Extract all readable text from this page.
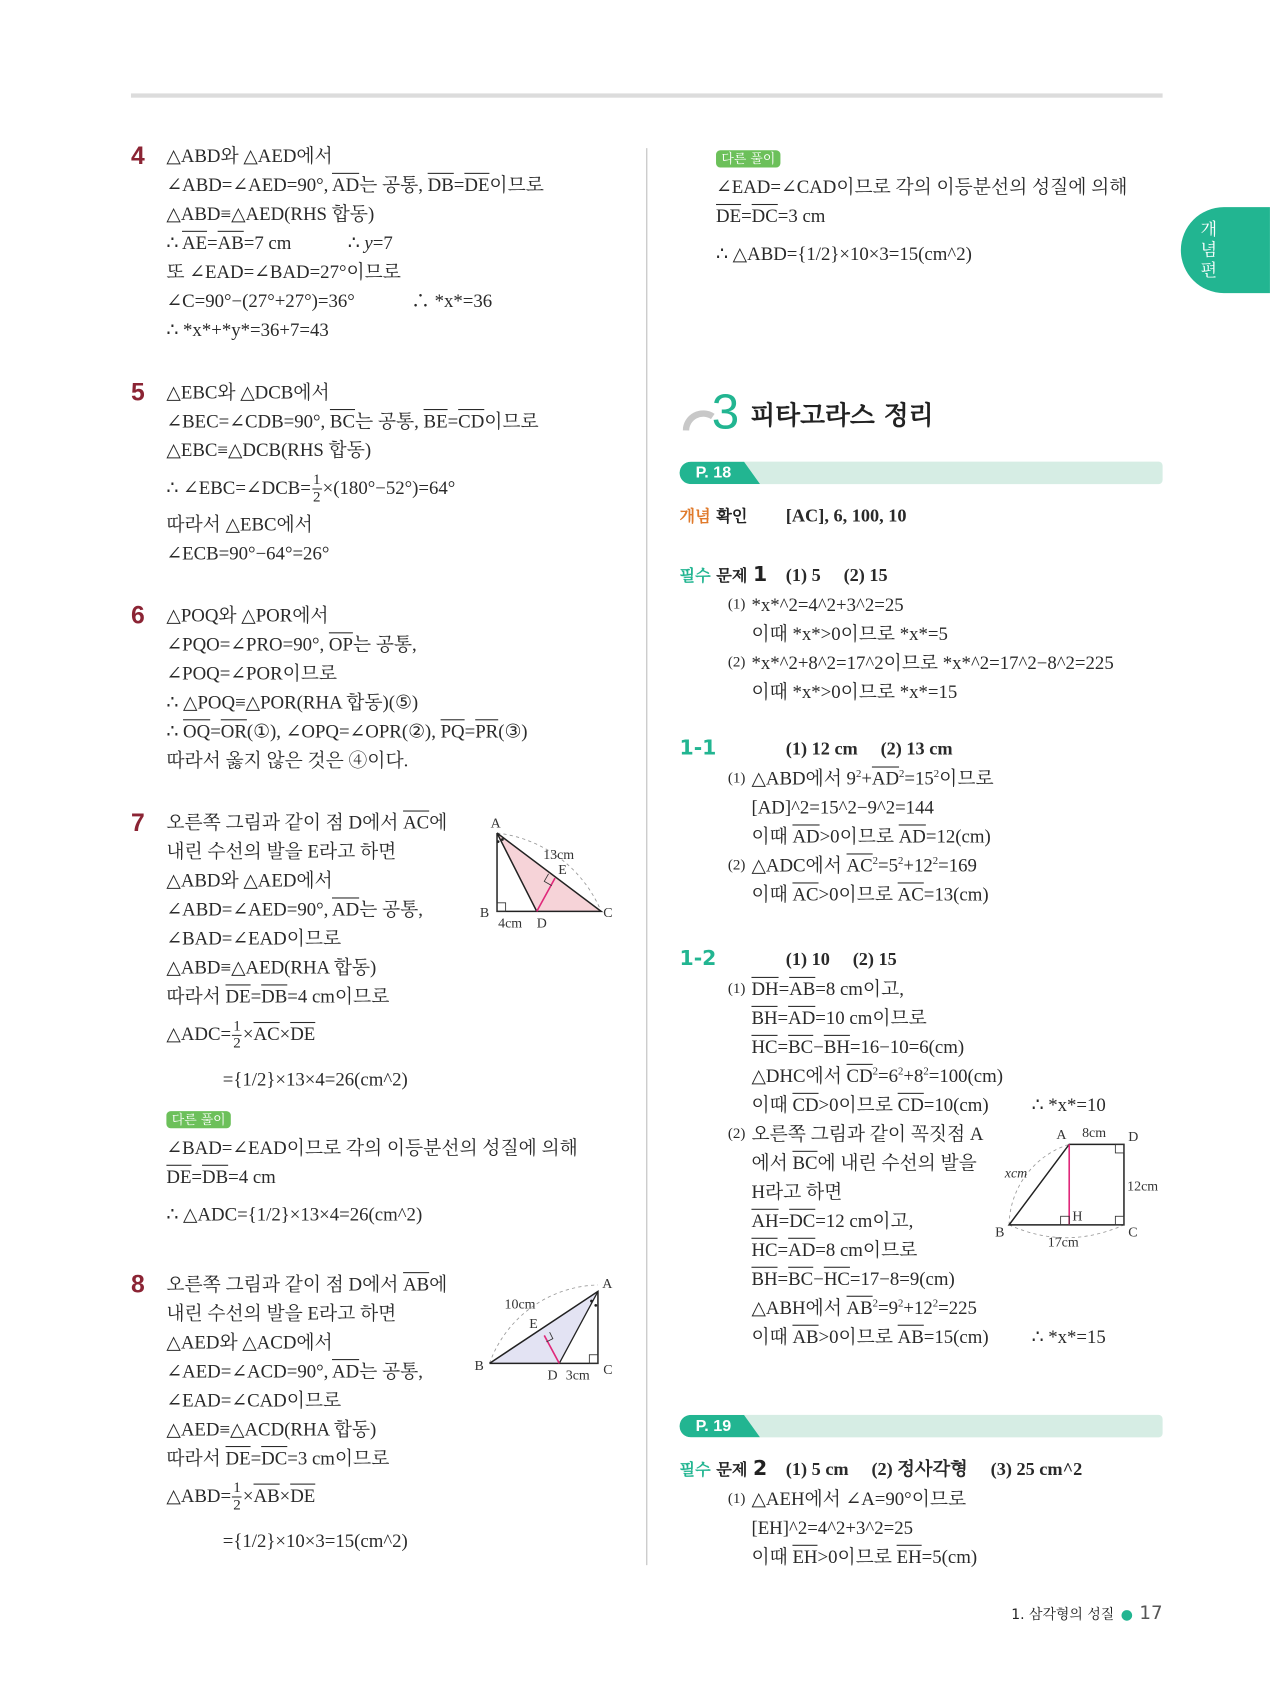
개념편
4 △ABD와 △AED에서
∠ABD=∠AED=90°, $\overline{AD}$는 공통, $\overline{DB}=\overline{DE}$이므로
△ABD≡△AED(RHS 합동)
∴ $\overline{AE}=\overline{AB}=7$ cm　　　∴ y=7
또 ∠EAD=∠BAD=27°이므로
∠C=90°−(27°+27°)=36°　　　∴ *x*=36
∴ *x*+*y*=36+7=43
5 △EBC와 △DCB에서
∠BEC=∠CDB=90°, $\overline{BC}$는 공통, $\overline{BE}=\overline{CD}$이므로
△EBC≡△DCB(RHS 합동)
∴ ∠EBC=∠DCB= $\frac{1}{2} \times(180^\circ-52^\circ)=64^\circ$
따라서 △EBC에서
∠ECB=90°−64°=26°
6 △POQ와 △POR에서
∠PQO=∠PRO=90°, $\overline{OP}$는 공통,
∠POQ=∠POR이므로
∴ △POQ≡△POR(RHA 합동)(⑤)
∴ $\overline{OQ}=\overline{OR}(①)$, ∠OPQ=∠OPR(②), $\overline{PQ}=\overline{PR}(③)$
따라서 옳지 않은 것은 ④이다.
7	A
13cm
E
B
4cm D
C
오른쪽 그림과 같이 점 D에서 $\overline{AC}$에
내린 수선의 발을 E라고 하면
△ABD와 △AED에서
∠ABD=∠AED=90°, $\overline{AD}$는 공통,
∠BAD=∠EAD이므로
△ABD≡△AED(RHA 합동)
따라서 $\overline{DE}=\overline{DB}=4$ cm이므로
△ADC= $\frac{1}{2} \times\overline{AC}\times\overline{DE}$
　　　={1/2}×13×4=26(cm^2)
다른 풀이
∠BAD=∠EAD이므로 각의 이등분선의 성질에 의해
$\overline{DE}=\overline{DB}=4$ cm
∴ △ADC={1/2}×13×4=26(cm^2)
8	A
10cm
E
B
D 3cm C
오른쪽 그림과 같이 점 D에서 $\overline{AB}$에
내린 수선의 발을 E라고 하면
△AED와 △ACD에서
∠AED=∠ACD=90°, $\overline{AD}$는 공통,
∠EAD=∠CAD이므로
△AED≡△ACD(RHA 합동)
따라서 $\overline{DE}=\overline{DC}=3$ cm이므로
△ABD= $\frac{1}{2} \times\overline{AB}\times\overline{DE}$
　　　={1/2}×10×3=15(cm^2)
다른 풀이
∠EAD=∠CAD이므로 각의 이등분선의 성질에 의해
$\overline{DE}=\overline{DC}=3$ cm
∴ △ABD={1/2}×10×3=15(cm^2)
3 피타고라스 정리
P. 18
개념 확인 [AC], 6, 100, 10
필수 문제 1 (1) 5　 (2) 15
(1) *x*^2=4^2+3^2=25
이때 *x*>0이므로 *x*=5
(2) *x*^2+8^2=17^2이므로 *x*^2=17^2−8^2=225
이때 *x*>0이므로 *x*=15
1-1	(1) 12 cm　 (2) 13 cm
(1) △ABD에서 $9^2+\overline{AD}^2=15^2$이므로
[AD]^2=15^2−9^2=144
이때 $\overline{AD}>0$이므로 $\overline{AD}=12(cm)$
(2) △ADC에서 $\overline{AC}^2=5^2+12^2=169$
이때 $\overline{AC}>0$이므로 $\overline{AC}=13(cm)$
1-2	(1) 10　 (2) 15
(1) $\overline{DH}=\overline{AB}=8$ cm이고,
$\overline{BH}=\overline{AD}=10$ cm이므로
$\overline{HC}=\overline{BC}-\overline{BH}=16-10=6(cm)$
△DHC에서 $\overline{CD}^2=6^2+8^2=100(cm)$
이때 $\overline{CD}>0$이므로 $\overline{CD}=10(cm)$ ∴ *x*=10
A 8cm D
xcm
12cm
B
H
17cm
C
(2) 오른쪽 그림과 같이 꼭짓점 A
에서 $\overline{BC}$에 내린 수선의 발을
H라고 하면
$\overline{AH}=\overline{DC}=12$ cm이고,
$\overline{HC}=\overline{AD}=8$ cm이므로
$\overline{BH}=\overline{BC}-\overline{HC}=17-8=9(cm)$
△ABH에서 $\overline{AB}^2=9^2+12^2=225$
이때 $\overline{AB}>0$이므로 $\overline{AB}=15(cm)$ ∴ *x*=15
P. 19
필수 문제 2 (1) 5 cm　 (2) 정사각형　 (3) 25 cm^2
(1) △AEH에서 ∠A=90°이므로
[EH]^2=4^2+3^2=25
이때 $\overline{EH}>0$이므로 $\overline{EH}=5(cm)$
1. 삼각형의 성질 ● 17
